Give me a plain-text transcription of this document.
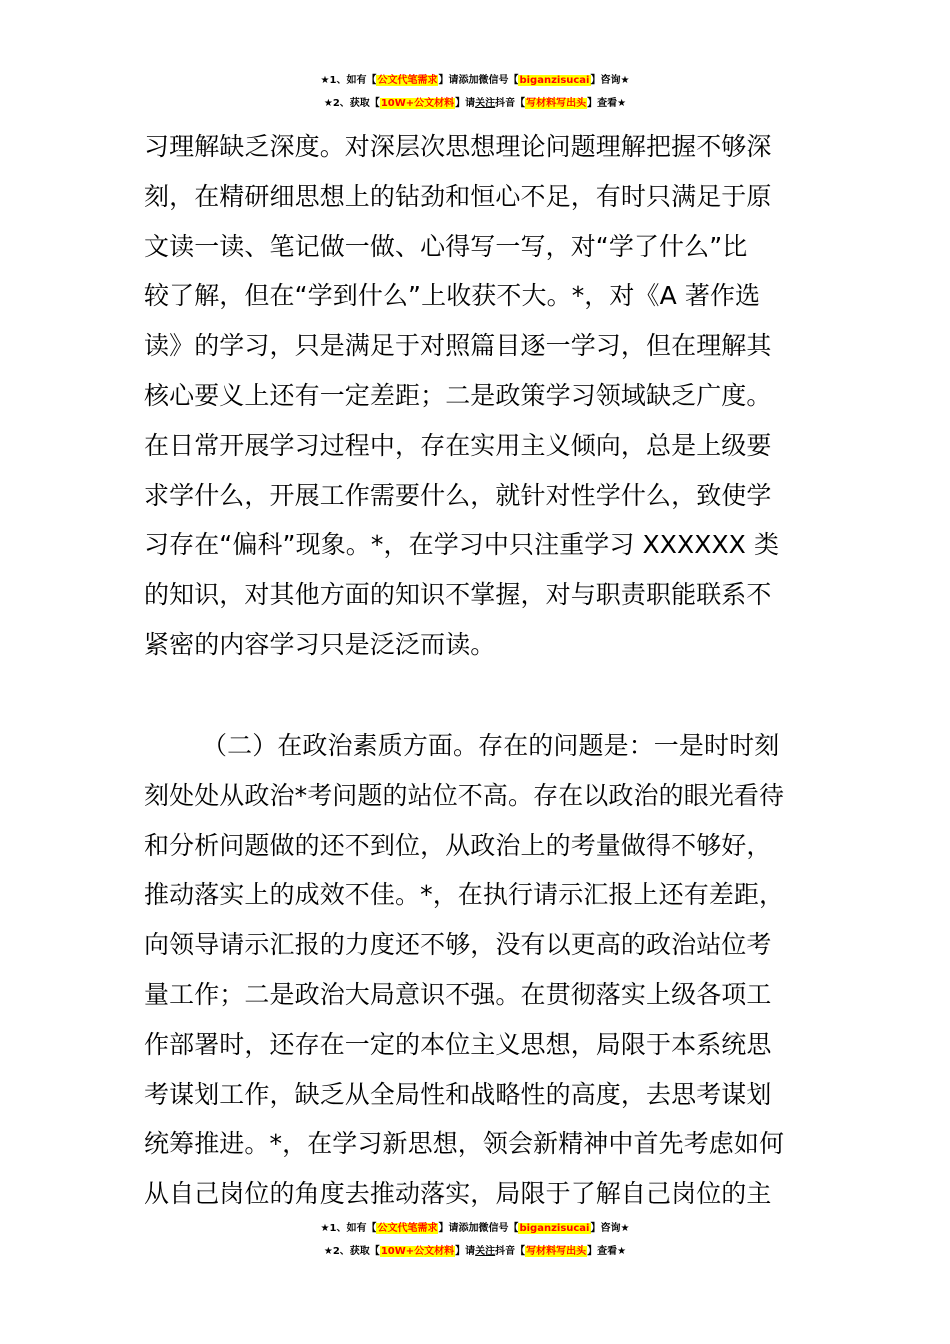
★1、如有【公文代笔需求】请添加微信号【biganzisucai】咨询★
★2、获取【10W+公文材料】请关注抖音【写材料写出头】查看★
习理解缺乏深度。对深层次思想理论问题理解把握不够深
刻，在精研细思想上的钻劲和恒心不足，有时只满足于原
文读一读、笔记做一做、心得写一写，对“学了什么”比
较了解，但在“学到什么”上收获不大。*，对《A 著作选
读》的学习，只是满足于对照篇目逐一学习，但在理解其
核心要义上还有一定差距；二是政策学习领域缺乏广度。
在日常开展学习过程中，存在实用主义倾向，总是上级要
求学什么，开展工作需要什么，就针对性学什么，致使学
习存在“偏科”现象。*，在学习中只注重学习 XXXXXX 类
的知识，对其他方面的知识不掌握，对与职责职能联系不
紧密的内容学习只是泛泛而读。
（二）在政治素质方面。存在的问题是：一是时时刻
刻处处从政治*考问题的站位不高。存在以政治的眼光看待
和分析问题做的还不到位，从政治上的考量做得不够好，
推动落实上的成效不佳。*，在执行请示汇报上还有差距，
向领导请示汇报的力度还不够，没有以更高的政治站位考
量工作；二是政治大局意识不强。在贯彻落实上级各项工
作部署时，还存在一定的本位主义思想，局限于本系统思
考谋划工作，缺乏从全局性和战略性的高度，去思考谋划
统筹推进。*，在学习新思想，领会新精神中首先考虑如何
从自己岗位的角度去推动落实，局限于了解自己岗位的主
★1、如有【公文代笔需求】请添加微信号【biganzisucai】咨询★
★2、获取【10W+公文材料】请关注抖音【写材料写出头】查看★
